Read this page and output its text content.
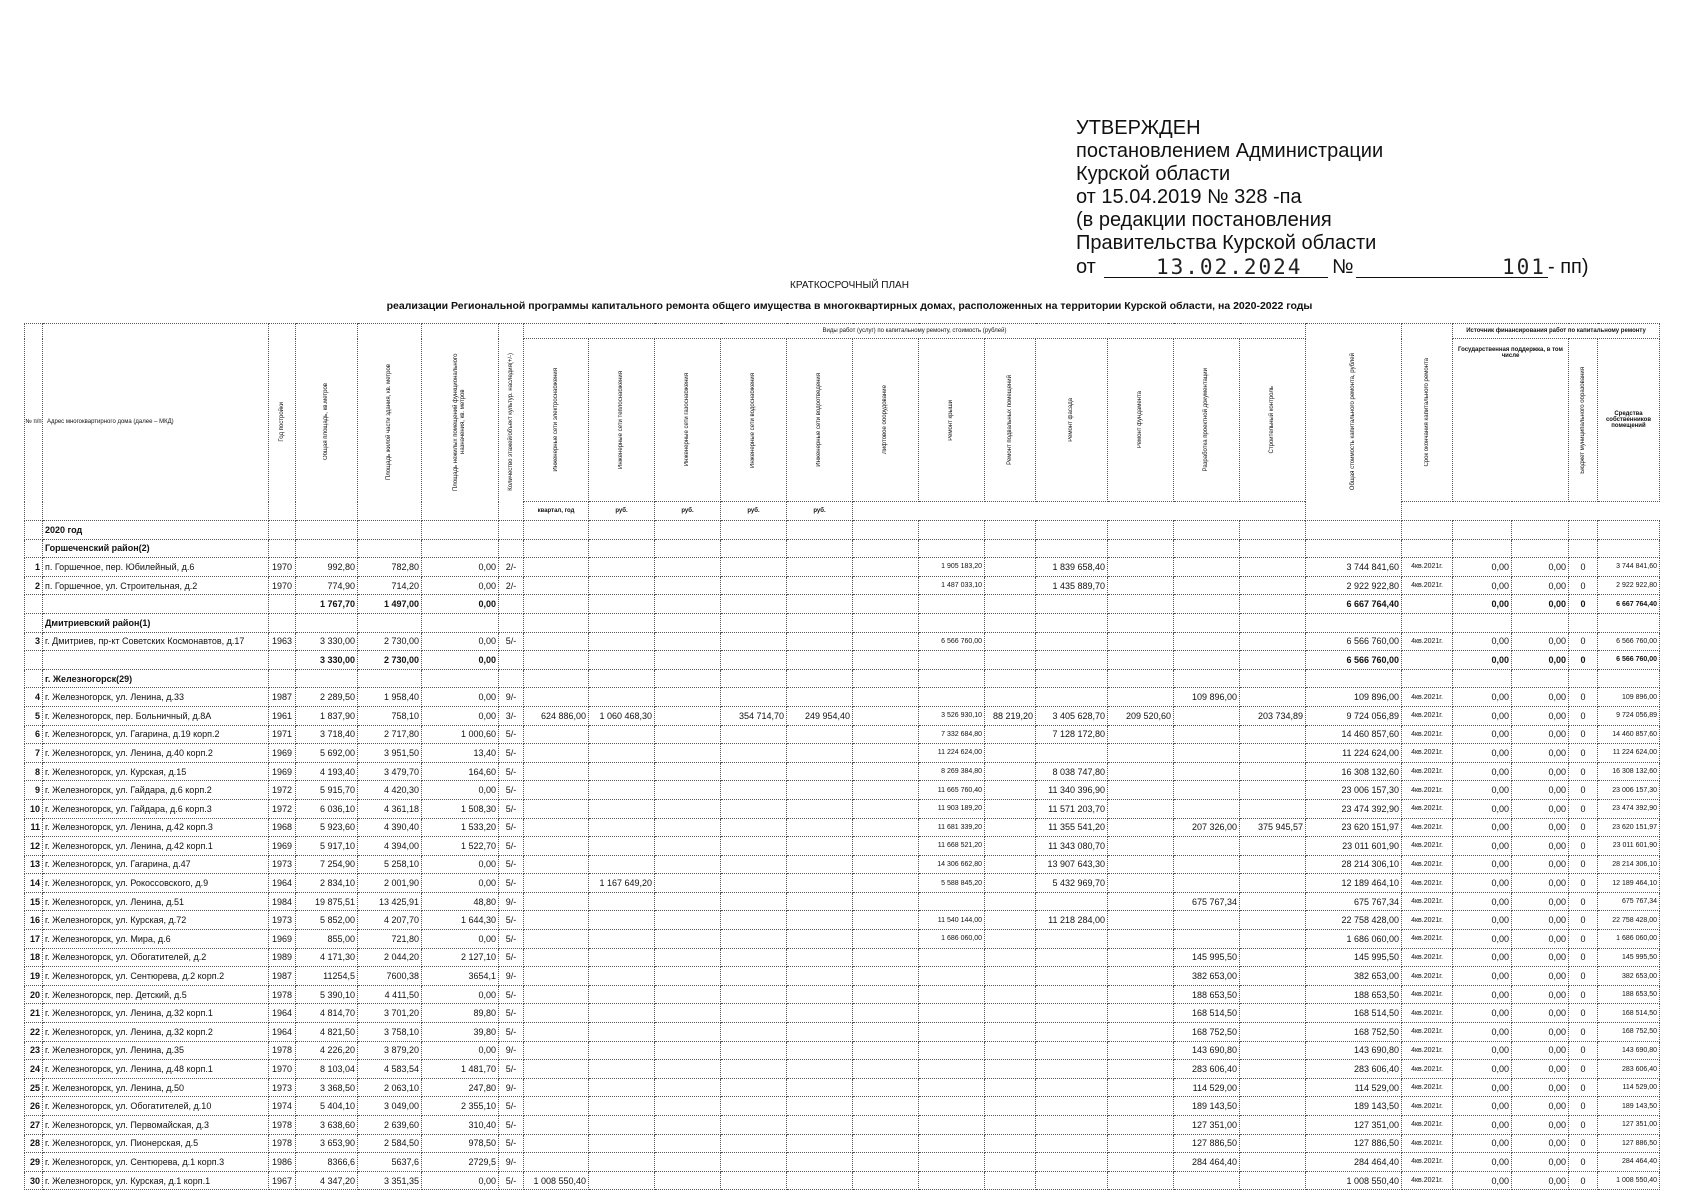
УТВЕРЖДЕН
постановлением Администрации
Курской области
от 15.04.2019 № 328 -па
(в редакции постановления
Правительства Курской области
от	13.02.2024 №	101 - пп)
КРАТКОСРОЧНЫЙ ПЛАН
реализации Региональной программы капитального ремонта общего имущества в многоквартирных домах, расположенных на территории Курской области, на 2020-2022 годы
№ п/п	Адрес многоквартирного дома (далее – МКД)	Год постройки	Общая площадь, кв.метров	Площадь жилой части здания, кв. метров	Площадь нежилых помещений функционального назначения, кв. метров	Количество этажей/объект культур. наследия(+/-)	Виды работ (услуг) по капитальному ремонту, стоимость (рублей)												Общая стоимость капитального ремонта, рублей	Срок окончания капитального ремонта	Источник финансирования работ по капитальному ремонту			

							Инженерные сети электроснабжения	Инженерные сети теплоснабжения	Инженерные сети газоснабжения	Инженерные сети водоснабжения	Инженерные сети водоотведения	Лифтовое оборудование	Ремонт крыши	Ремонт подвальных помещений	Ремонт фасада	Ремонт фундамента	Разработка проектной документации	Строительный контроль			Государственная поддержка, в том числе		Бюджет муниципального образования	Средства собственников помещений
							квартал, год	руб.	руб.	руб.	руб.													
	2020 год																							
	Горшеченский район(2)																							
1	п. Горшечное, пер. Юбилейный, д.6	1970	992,80	782,80	0,00	2/-							1 905 183,20		1 839 658,40				3 744 841,60	4кв.2021г.	0,00	0,00	0	3 744 841,60
2	п. Горшечное, ул. Строительная, д.2	1970	774,90	714,20	0,00	2/-							1 487 033,10		1 435 889,70				2 922 922,80	4кв.2021г.	0,00	0,00	0	2 922 922,80
			1 767,70	1 497,00	0,00														6 667 764,40		0,00	0,00	0	6 667 764,40
	Дмитриевский район(1)																							
3	г. Дмитриев, пр-кт Советских Космонавтов, д.17	1963	3 330,00	2 730,00	0,00	5/-							6 566 760,00						6 566 760,00	4кв.2021г.	0,00	0,00	0	6 566 760,00
			3 330,00	2 730,00	0,00														6 566 760,00		0,00	0,00	0	6 566 760,00
	г. Железногорск(29)																							
4	г. Железногорск, ул. Ленина, д.33	1987	2 289,50	1 958,40	0,00	9/-											109 896,00		109 896,00	4кв.2021г.	0,00	0,00	0	109 896,00
5	г. Железногорск, пер. Больничный, д.8А	1961	1 837,90	758,10	0,00	3/-	624 886,00	1 060 468,30		354 714,70	249 954,40		3 526 930,10	88 219,20	3 405 628,70	209 520,60		203 734,89	9 724 056,89	4кв.2021г.	0,00	0,00	0	9 724 056,89
6	г. Железногорск, ул. Гагарина, д.19 корп.2	1971	3 718,40	2 717,80	1 000,60	5/-							7 332 684,80		7 128 172,80				14 460 857,60	4кв.2021г.	0,00	0,00	0	14 460 857,60
7	г. Железногорск, ул. Ленина, д.40 корп.2	1969	5 692,00	3 951,50	13,40	5/-							11 224 624,00						11 224 624,00	4кв.2021г.	0,00	0,00	0	11 224 624,00
8	г. Железногорск, ул. Курская, д.15	1969	4 193,40	3 479,70	164,60	5/-							8 269 384,80		8 038 747,80				16 308 132,60	4кв.2021г.	0,00	0,00	0	16 308 132,60
9	г. Железногорск, ул. Гайдара, д.6 корп.2	1972	5 915,70	4 420,30	0,00	5/-							11 665 760,40		11 340 396,90				23 006 157,30	4кв.2021г.	0,00	0,00	0	23 006 157,30
10	г. Железногорск, ул. Гайдара, д.6 корп.3	1972	6 036,10	4 361,18	1 508,30	5/-							11 903 189,20		11 571 203,70				23 474 392,90	4кв.2021г.	0,00	0,00	0	23 474 392,90
11	г. Железногорск, ул. Ленина, д.42 корп.3	1968	5 923,60	4 390,40	1 533,20	5/-							11 681 339,20		11 355 541,20		207 326,00	375 945,57	23 620 151,97	4кв.2021г.	0,00	0,00	0	23 620 151,97
12	г. Железногорск, ул. Ленина, д.42 корп.1	1969	5 917,10	4 394,00	1 522,70	5/-							11 668 521,20		11 343 080,70				23 011 601,90	4кв.2021г.	0,00	0,00	0	23 011 601,90
13	г. Железногорск, ул. Гагарина, д.47	1973	7 254,90	5 258,10	0,00	5/-							14 306 662,80		13 907 643,30				28 214 306,10	4кв.2021г.	0,00	0,00	0	28 214 306,10
14	г. Железногорск, ул. Рокоссовского, д.9	1964	2 834,10	2 001,90	0,00	5/-		1 167 649,20					5 588 845,20		5 432 969,70				12 189 464,10	4кв.2021г.	0,00	0,00	0	12 189 464,10
15	г. Железногорск, ул. Ленина, д.51	1984	19 875,51	13 425,91	48,80	9/-											675 767,34		675 767,34	4кв.2021г.	0,00	0,00	0	675 767,34
16	г. Железногорск, ул. Курская, д.72	1973	5 852,00	4 207,70	1 644,30	5/-							11 540 144,00		11 218 284,00				22 758 428,00	4кв.2021г.	0,00	0,00	0	22 758 428,00
17	г. Железногорск, ул. Мира, д.6	1969	855,00	721,80	0,00	5/-							1 686 060,00						1 686 060,00	4кв.2021г.	0,00	0,00	0	1 686 060,00
18	г. Железногорск, ул. Обогатителей, д.2	1989	4 171,30	2 044,20	2 127,10	5/-											145 995,50		145 995,50	4кв.2021г.	0,00	0,00	0	145 995,50
19	г. Железногорск, ул. Сентюрева, д.2 корп.2	1987	11254,5	7600,38	3654,1	9/-											382 653,00		382 653,00	4кв.2021г.	0,00	0,00	0	382 653,00
20	г. Железногорск, пер. Детский, д.5	1978	5 390,10	4 411,50	0,00	5/-											188 653,50		188 653,50	4кв.2021г.	0,00	0,00	0	188 653,50
21	г. Железногорск, ул. Ленина, д.32 корп.1	1964	4 814,70	3 701,20	89,80	5/-											168 514,50		168 514,50	4кв.2021г.	0,00	0,00	0	168 514,50
22	г. Железногорск, ул. Ленина, д.32 корп.2	1964	4 821,50	3 758,10	39,80	5/-											168 752,50		168 752,50	4кв.2021г.	0,00	0,00	0	168 752,50
23	г. Железногорск, ул. Ленина, д.35	1978	4 226,20	3 879,20	0,00	9/-											143 690,80		143 690,80	4кв.2021г.	0,00	0,00	0	143 690,80
24	г. Железногорск, ул. Ленина, д.48 корп.1	1970	8 103,04	4 583,54	1 481,70	5/-											283 606,40		283 606,40	4кв.2021г.	0,00	0,00	0	283 606,40
25	г. Железногорск, ул. Ленина, д.50	1973	3 368,50	2 063,10	247,80	9/-											114 529,00		114 529,00	4кв.2021г.	0,00	0,00	0	114 529,00
26	г. Железногорск, ул. Обогатителей, д.10	1974	5 404,10	3 049,00	2 355,10	5/-											189 143,50		189 143,50	4кв.2021г.	0,00	0,00	0	189 143,50
27	г. Железногорск, ул. Первомайская, д.3	1978	3 638,60	2 639,60	310,40	5/-											127 351,00		127 351,00	4кв.2021г.	0,00	0,00	0	127 351,00
28	г. Железногорск, ул. Пионерская, д.5	1978	3 653,90	2 584,50	978,50	5/-											127 886,50		127 886,50	4кв.2021г.	0,00	0,00	0	127 886,50
29	г. Железногорск, ул. Сентюрева, д.1 корп.3	1986	8366,6	5637,6	2729,5	9/-											284 464,40		284 464,40	4кв.2021г.	0,00	0,00	0	284 464,40
30	г. Железногорск, ул. Курская, д.1 корп.1	1967	4 347,20	3 351,35	0,00	5/-	1 008 550,40												1 008 550,40	4кв.2021г.	0,00	0,00	0	1 008 550,40
